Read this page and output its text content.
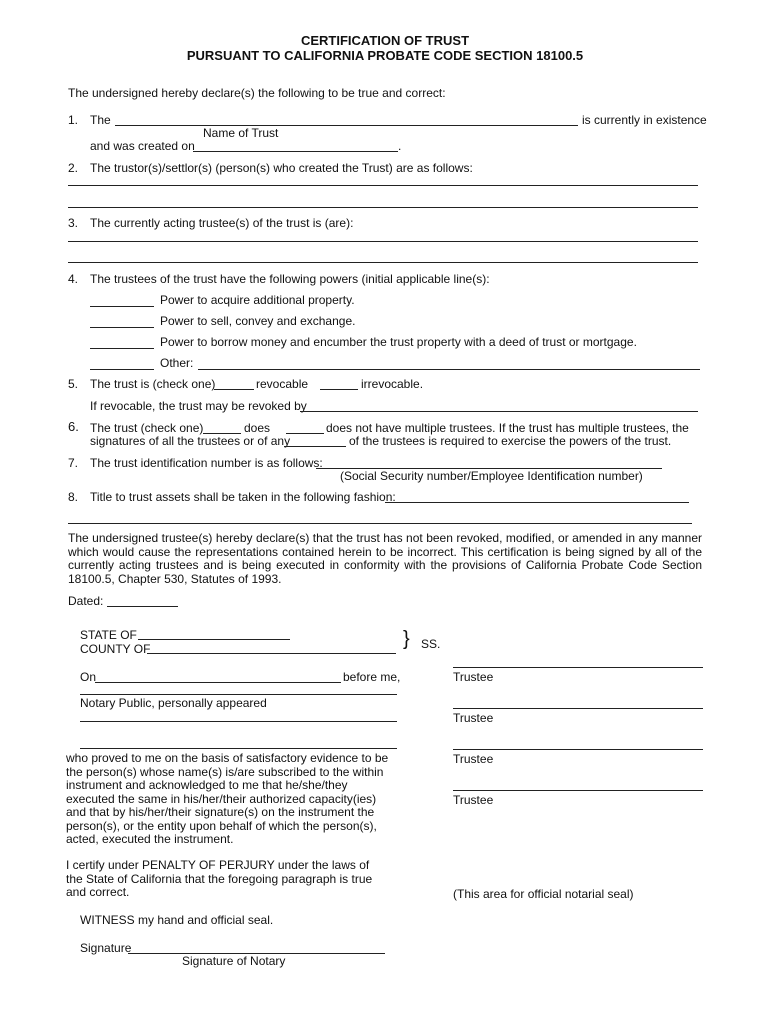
CERTIFICATION OF TRUST
PURSUANT TO CALIFORNIA PROBATE CODE SECTION 18100.5
The undersigned hereby declare(s) the following to be true and correct:
1. The	is currently in existence
Name of Trust
and was created on	.
2. The trustor(s)/settlor(s) (person(s) who created the Trust) are as follows:
3. The currently acting trustee(s) of the trust is (are):
4. The trustees of the trust have the following powers (initial applicable line(s):
Power to acquire additional property.
Power to sell, convey and exchange.
Power to borrow money and encumber the trust property with a deed of trust or mortgage.
Other:
5. The trust is (check one)	revocable	irrevocable.
If revocable, the trust may be revoked by
6. The trust (check one)	does	does not have multiple trustees. If the trust has multiple trustees, the
signatures of all the trustees or of any	of the trustees is required to exercise the powers of the trust.
7. The trust identification number is as follows:
(Social Security number/Employee Identification number)
8. Title to trust assets shall be taken in the following fashion:
The undersigned trustee(s) hereby declare(s) that the trust has not been revoked, modified, or amended in any manner which would cause the representations contained herein to be incorrect. This certification is being signed by all of the currently acting trustees and is being executed in conformity with the provisions of California Probate Code Section 18100.5, Chapter 530, Statutes of 1993.
Dated:
STATE OF
COUNTY OF	} SS.
On	before me,
Notary Public, personally appeared
who proved to me on the basis of satisfactory evidence to be the person(s) whose name(s) is/are subscribed to the within instrument and acknowledged to me that he/she/they executed the same in his/her/their authorized capacity(ies) and that by his/her/their signature(s) on the instrument the person(s), or the entity upon behalf of which the person(s), acted, executed the instrument.
I certify under PENALTY OF PERJURY under the laws of the State of California that the foregoing paragraph is true and correct.
WITNESS my hand and official seal.
Signature
Signature of Notary
Trustee
Trustee
Trustee
Trustee
(This area for official notarial seal)
